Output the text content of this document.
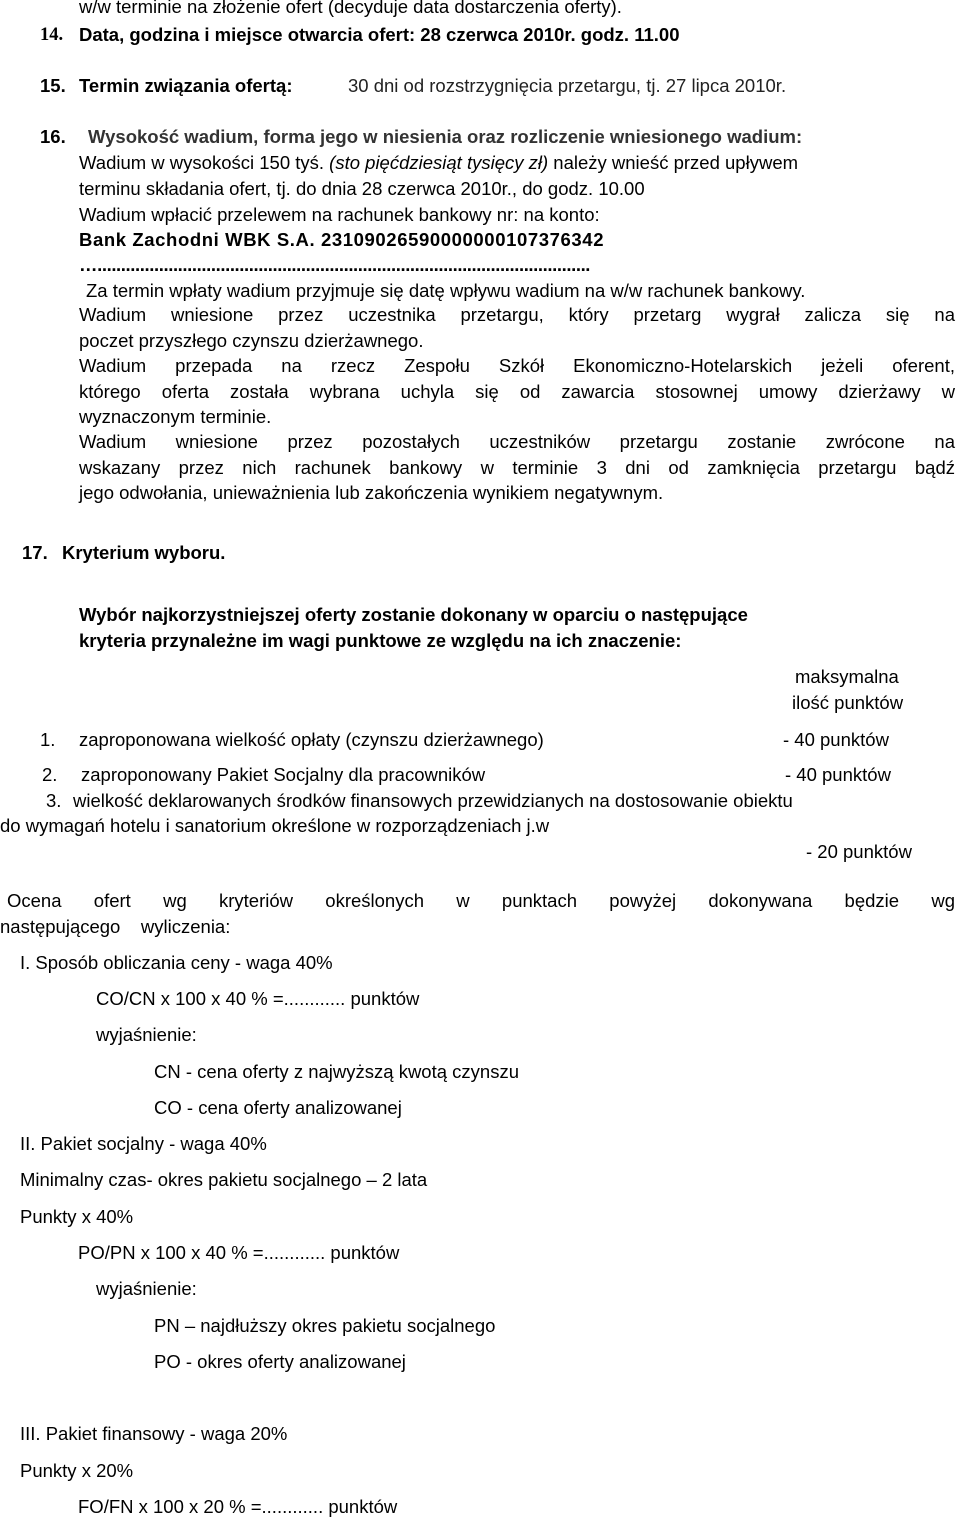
w/w terminie na złożenie ofert (decyduje data dostarczenia oferty).

14. Data, godzina i miejsce otwarcia ofert: 28 czerwca 2010r. godz. 11.00

15. Termin związania ofertą:	30 dni od rozstrzygnięcia przetargu, tj. 27 lipca 2010r.

16. Wysokość wadium, forma jego w niesienia oraz rozliczenie wniesionego wadium:

Wadium w wysokości 150 tyś. (sto pięćdziesiąt tysięcy zł) należy wnieść przed upływem

terminu składania ofert, tj. do dnia 28 czerwca 2010r., do godz. 10.00

Wadium wpłacić przelewem na rachunek bankowy nr: na konto:

Bank Zachodni WBK S.A. 23109026590000000107376342

…........................................................................................................

Za termin wpłaty wadium przyjmuje się datę wpływu wadium na w/w rachunek bankowy.

Wadium wniesione przez uczestnika przetargu, który przetarg wygrał zalicza się na

poczet przyszłego czynszu dzierżawnego.

Wadium przepada na rzecz Zespołu Szkół Ekonomiczno-Hotelarskich jeżeli oferent,

którego oferta została wybrana uchyla się od zawarcia stosownej umowy dzierżawy w

wyznaczonym terminie.

Wadium wniesione przez pozostałych uczestników przetargu zostanie zwrócone na

wskazany przez nich rachunek bankowy w terminie 3 dni od zamknięcia przetargu bądź

jego odwołania, unieważnienia lub zakończenia wynikiem negatywnym.

17. Kryterium wyboru.

Wybór najkorzystniejszej oferty zostanie dokonany w oparciu o następujące

kryteria przynależne im wagi punktowe ze względu na ich znaczenie:

maksymalna

ilość punktów

1. zaproponowana wielkość opłaty (czynszu dzierżawnego)	- 40 punktów

2. zaproponowany Pakiet Socjalny dla pracowników	- 40 punktów

3. wielkość deklarowanych środków finansowych przewidzianych na dostosowanie obiektu

do wymagań hotelu i sanatorium określone w rozporządzeniach j.w

- 20 punktów

Ocena ofert wg kryteriów określonych w punktach powyżej dokonywana będzie wg

następującego    wyliczenia:

I. Sposób obliczania ceny - waga 40%

CO/CN x 100 x 40 % =............ punktów

wyjaśnienie:

CN - cena oferty z najwyższą kwotą czynszu

CO - cena oferty analizowanej

II. Pakiet socjalny - waga 40%

Minimalny czas- okres pakietu socjalnego – 2 lata

Punkty x 40%

PO/PN x 100 x 40 % =............ punktów

wyjaśnienie:

PN – najdłuższy okres pakietu socjalnego

PO - okres oferty analizowanej

III. Pakiet finansowy - waga 20%

Punkty x 20%

FO/FN x 100 x 20 % =............ punktów
